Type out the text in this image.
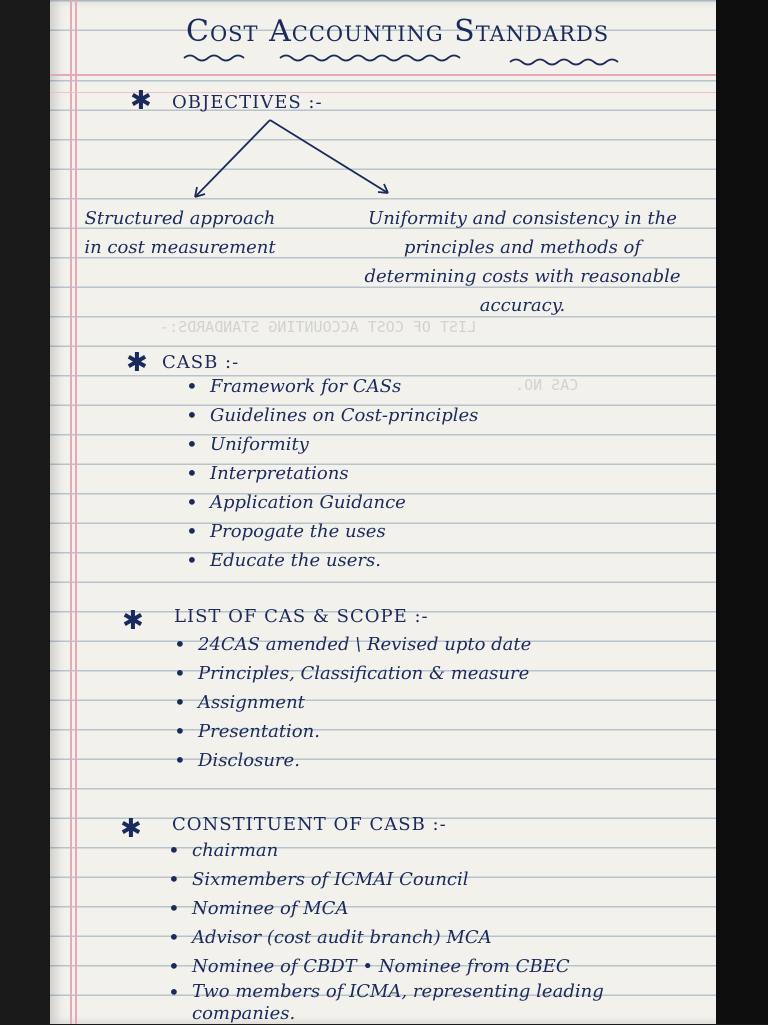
LIST OF COST ACCOUNTING STANDARDS:-
CAS NO.
Cost Accounting Standards
✱ OBJECTIVES :-
Structured approach in cost measurement
Uniformity and consistency in the principles and methods of determining costs with reasonable accuracy.
✱ CASB :-
• Framework for CASs
• Guidelines on Cost-principles
• Uniformity
• Interpretations
• Application Guidance
• Propogate the uses
• Educate the users.
✱ LIST OF CAS & SCOPE :-
• 24CAS amended \ Revised upto date
• Principles, Classification & measure
• Assignment
• Presentation.
• Disclosure.
✱ CONSTITUENT OF CASB :-
• chairman
• Sixmembers of ICMAI Council
• Nominee of MCA
• Advisor (cost audit branch) MCA
• Nominee of CBDT • Nominee from CBEC
• Two members of ICMA, representing leading companies.
